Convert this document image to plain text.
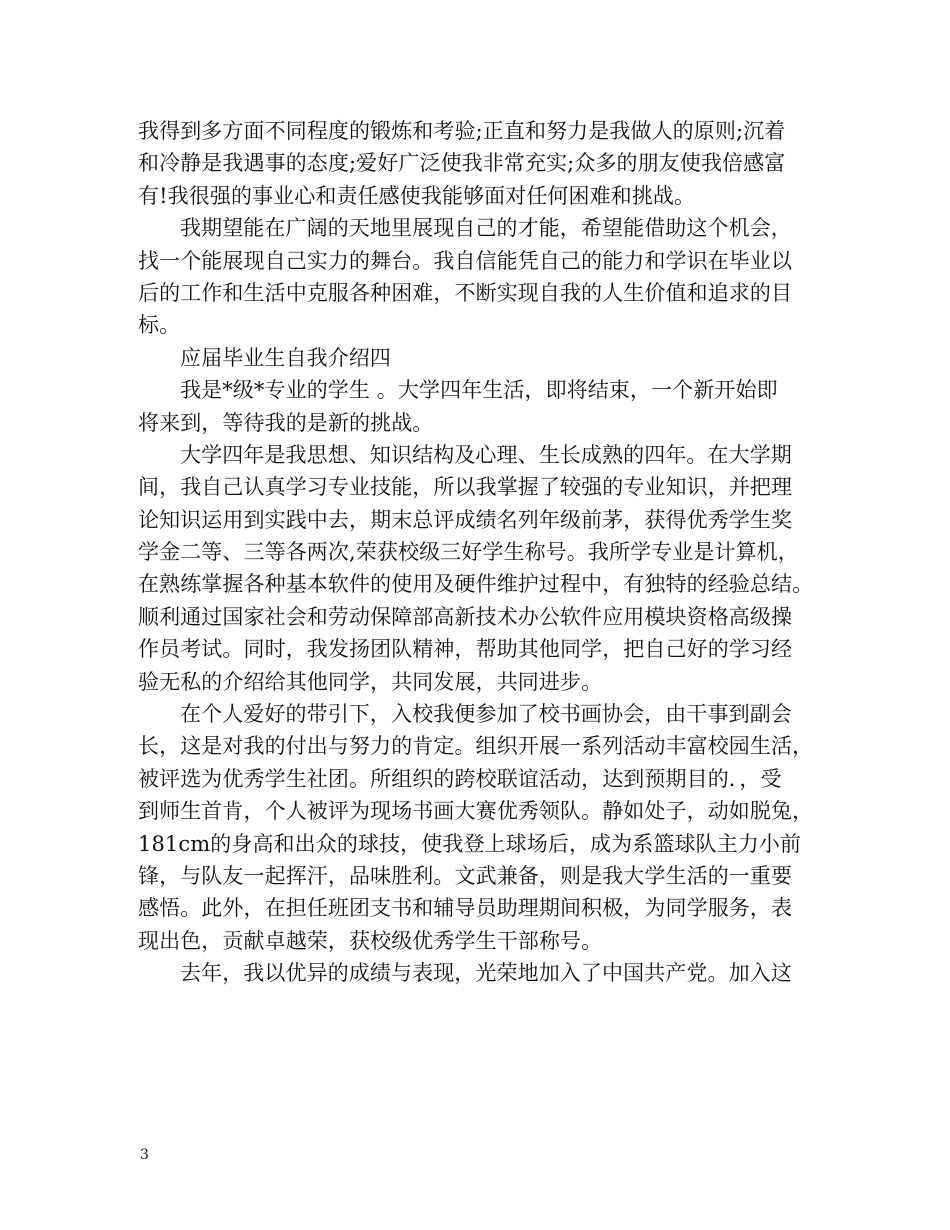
我得到多方面不同程度的锻炼和考验;正直和努力是我做人的原则;沉着
和冷静是我遇事的态度;爱好广泛使我非常充实;众多的朋友使我倍感富
有!我很强的事业心和责任感使我能够面对任何困难和挑战。
我期望能在广阔的天地里展现自己的才能，希望能借助这个机会，
找一个能展现自己实力的舞台。我自信能凭自己的能力和学识在毕业以
后的工作和生活中克服各种困难，不断实现自我的人生价值和追求的目
标。
应届毕业生自我介绍四
我是*级*专业的学生 。大学四年生活，即将结束，一个新开始即
将来到，等待我的是新的挑战。
大学四年是我思想、知识结构及心理、生长成熟的四年。在大学期
间，我自己认真学习专业技能，所以我掌握了较强的专业知识，并把理
论知识运用到实践中去，期末总评成绩名列年级前茅，获得优秀学生奖
学金二等、三等各两次,荣获校级三好学生称号。我所学专业是计算机，
在熟练掌握各种基本软件的使用及硬件维护过程中，有独特的经验总结。
顺利通过国家社会和劳动保障部高新技术办公软件应用模块资格高级操
作员考试。同时，我发扬团队精神，帮助其他同学，把自己好的学习经
验无私的介绍给其他同学，共同发展，共同进步。
在个人爱好的带引下，入校我便参加了校书画协会，由干事到副会
长，这是对我的付出与努力的肯定。组织开展一系列活动丰富校园生活，
被评选为优秀学生社团。所组织的跨校联谊活动，达到预期目的．，受
到师生首肯，个人被评为现场书画大赛优秀领队。静如处子，动如脱兔，
181cm的身高和出众的球技，使我登上球场后，成为系篮球队主力小前
锋，与队友一起挥汗，品味胜利。文武兼备，则是我大学生活的一重要
感悟。此外，在担任班团支书和辅导员助理期间积极，为同学服务，表
现出色，贡献卓越荣，获校级优秀学生干部称号。
去年，我以优异的成绩与表现，光荣地加入了中国共产党。加入这
3
